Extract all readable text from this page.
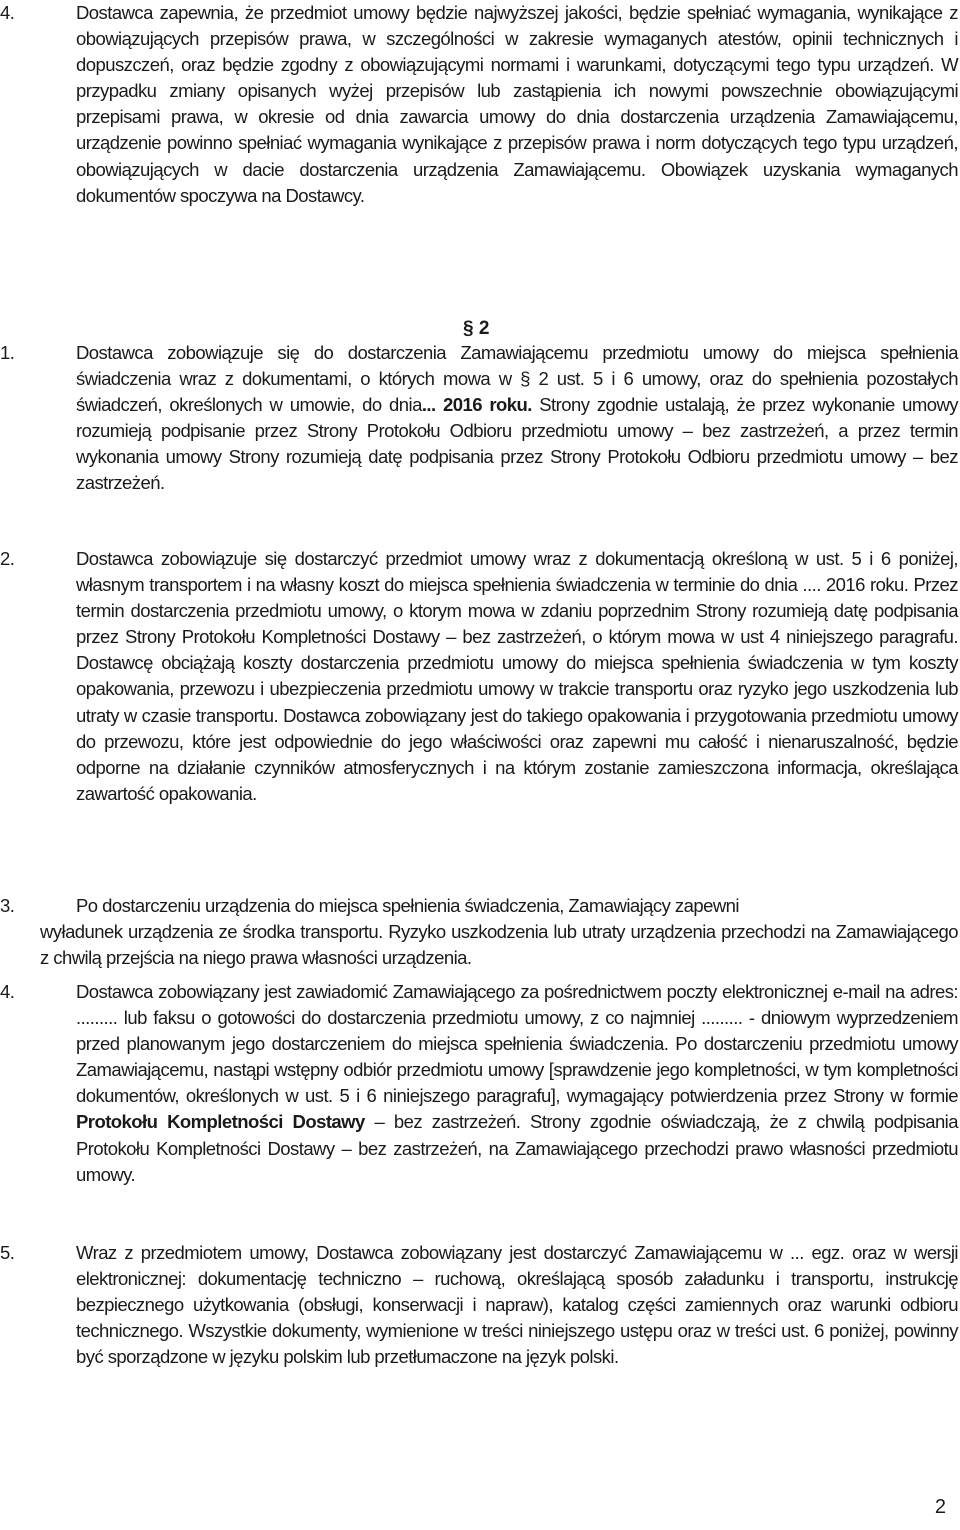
4.	Dostawca zapewnia, że przedmiot umowy będzie najwyższej jakości, będzie spełniać wymagania, wynikające z obowiązujących przepisów prawa, w szczególności w zakresie wymaganych atestów, opinii technicznych i dopuszczeń, oraz będzie zgodny z obowiązującymi normami i warunkami, dotyczącymi tego typu urządzeń. W przypadku zmiany opisanych wyżej przepisów lub zastąpienia ich nowymi powszechnie obowiązującymi przepisami prawa, w okresie od dnia zawarcia umowy do dnia dostarczenia urządzenia Zamawiającemu, urządzenie powinno spełniać wymagania wynikające z przepisów prawa i norm dotyczących tego typu urządzeń, obowiązujących w dacie dostarczenia urządzenia Zamawiającemu. Obowiązek uzyskania wymaganych dokumentów spoczywa na Dostawcy.
§ 2
1.	Dostawca zobowiązuje się do dostarczenia Zamawiającemu przedmiotu umowy do miejsca spełnienia świadczenia wraz z dokumentami, o których mowa w § 2 ust. 5 i 6 umowy, oraz do spełnienia pozostałych świadczeń, określonych w umowie, do dnia... 2016 roku. Strony zgodnie ustalają, że przez wykonanie umowy rozumieją podpisanie przez Strony Protokołu Odbioru przedmiotu umowy – bez zastrzeżeń, a przez termin wykonania umowy Strony rozumieją datę podpisania przez Strony Protokołu Odbioru przedmiotu umowy – bez zastrzeżeń.
2.	Dostawca zobowiązuje się dostarczyć przedmiot umowy wraz z dokumentacją określoną w ust. 5 i 6 poniżej, własnym transportem i na własny koszt do miejsca spełnienia świadczenia w terminie do dnia .... 2016 roku. Przez termin dostarczenia przedmiotu umowy, o ktorym mowa w zdaniu poprzednim Strony rozumieją datę podpisania przez Strony Protokołu Kompletności Dostawy – bez zastrzeżeń, o którym mowa w ust 4 niniejszego paragrafu. Dostawcę obciążają koszty dostarczenia przedmiotu umowy do miejsca spełnienia świadczenia w tym koszty opakowania, przewozu i ubezpieczenia przedmiotu umowy w trakcie transportu oraz ryzyko jego uszkodzenia lub utraty w czasie transportu. Dostawca zobowiązany jest do takiego opakowania i przygotowania przedmiotu umowy do przewozu, które jest odpowiednie do jego właściwości oraz zapewni mu całość i nienaruszalność, będzie odporne na działanie czynników atmosferycznych i na którym zostanie zamieszczona informacja, określająca zawartość opakowania.
3.	Po dostarczeniu urządzenia do miejsca spełnienia świadczenia, Zamawiający zapewni
wyładunek urządzenia ze środka transportu. Ryzyko uszkodzenia lub utraty urządzenia przechodzi na Zamawiającego z chwilą przejścia na niego prawa własności urządzenia.
4.	Dostawca zobowiązany jest zawiadomić Zamawiającego za pośrednictwem poczty elektronicznej e-mail na adres: ......... lub faksu o gotowości do dostarczenia przedmiotu umowy, z co najmniej ......... - dniowym wyprzedzeniem przed planowanym jego dostarczeniem do miejsca spełnienia świadczenia. Po dostarczeniu przedmiotu umowy Zamawiającemu, nastąpi wstępny odbiór przedmiotu umowy [sprawdzenie jego kompletności, w tym kompletności dokumentów, określonych w ust. 5 i 6 niniejszego paragrafu], wymagający potwierdzenia przez Strony w formie Protokołu Kompletności Dostawy – bez zastrzeżeń. Strony zgodnie oświadczają, że z chwilą podpisania Protokołu Kompletności Dostawy – bez zastrzeżeń, na Zamawiającego przechodzi prawo własności przedmiotu umowy.
5.	Wraz z przedmiotem umowy, Dostawca zobowiązany jest dostarczyć Zamawiającemu w ... egz. oraz w wersji elektronicznej: dokumentację techniczno – ruchową, określającą sposób załadunku i transportu, instrukcję bezpiecznego użytkowania (obsługi, konserwacji i napraw), katalog części zamiennych oraz warunki odbioru technicznego. Wszystkie dokumenty, wymienione w treści niniejszego ustępu oraz w treści ust. 6 poniżej, powinny być sporządzone w języku polskim lub przetłumaczone na język polski.
2
